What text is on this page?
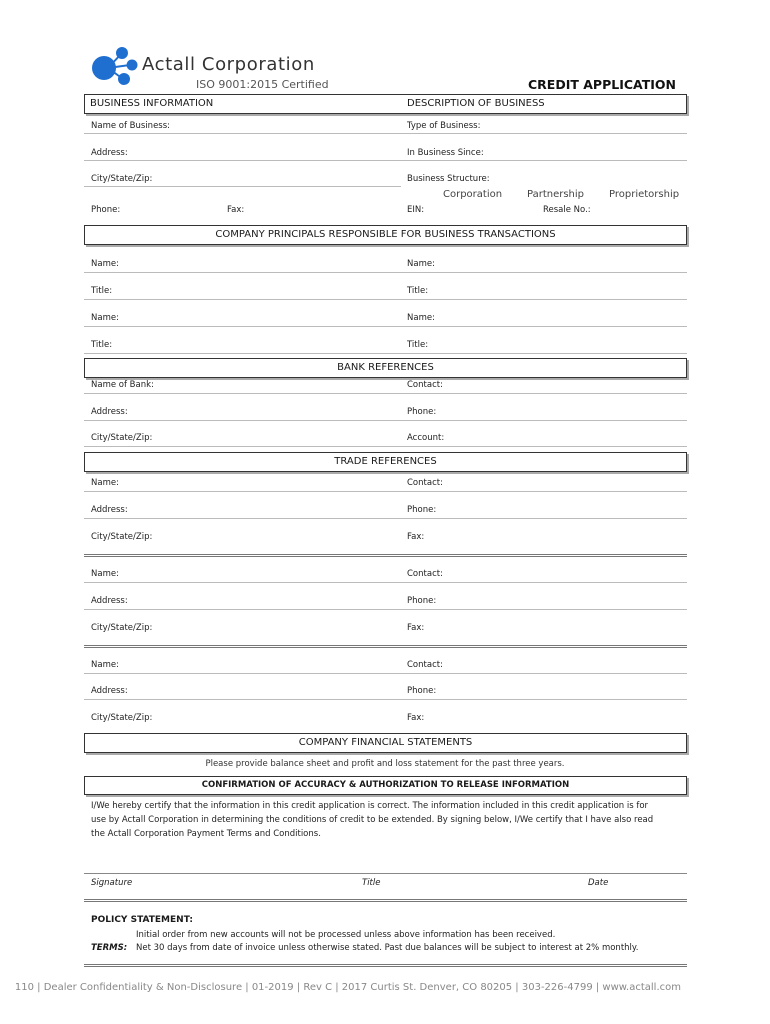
Actall Corporation
ISO 9001:2015 Certified	CREDIT APPLICATION
BUSINESS INFORMATION	DESCRIPTION OF BUSINESS
Name of Business:	Type of Business:
Address:	In Business Since:
City/State/Zip:	Business Structure:
Corporation Partnership Proprietorship
Phone:	Fax:	EIN:	Resale No.:
COMPANY PRINCIPALS RESPONSIBLE FOR BUSINESS TRANSACTIONS
Name:	Name:
Title:	Title:
Name:	Name:
Title:	Title:
BANK REFERENCES
Name of Bank:	Contact:
Address:	Phone:
City/State/Zip:	Account:
TRADE REFERENCES
Name:	Contact:
Address:	Phone:
City/State/Zip:	Fax:
Name:	Contact:
Address:	Phone:
City/State/Zip:	Fax:
Name:	Contact:
Address:	Phone:
City/State/Zip:	Fax:
COMPANY FINANCIAL STATEMENTS
Please provide balance sheet and profit and loss statement for the past three years.
CONFIRMATION OF ACCURACY & AUTHORIZATION TO RELEASE INFORMATION
I/We hereby certify that the information in this credit application is correct. The information included in this credit application is for
use by Actall Corporation in determining the conditions of credit to be extended. By signing below, I/We certify that I have also read
the Actall Corporation Payment Terms and Conditions.
Signature	Title	Date
POLICY STATEMENT:
Initial order from new accounts will not be processed unless above information has been received.
TERMS: Net 30 days from date of invoice unless otherwise stated. Past due balances will be subject to interest at 2% monthly.
110 | Dealer Confidentiality & Non-Disclosure | 01-2019 | Rev C | 2017 Curtis St. Denver, CO 80205 | 303-226-4799 | www.actall.com
